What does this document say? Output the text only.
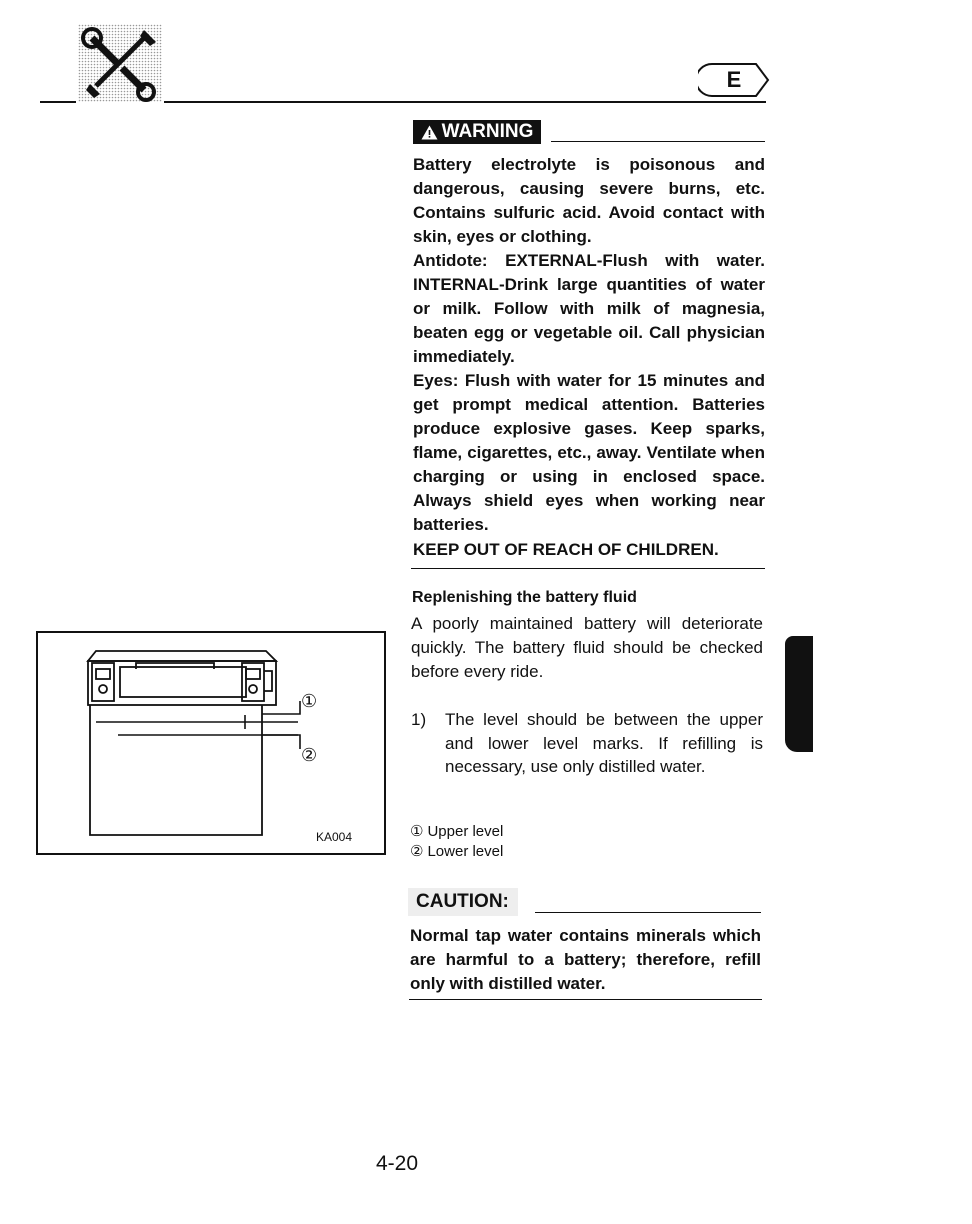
E
WARNING

Battery electrolyte is poisonous and dangerous, causing severe burns, etc. Contains sulfuric acid. Avoid contact with skin, eyes or clothing.

Antidote: EXTERNAL-Flush with water. INTERNAL-Drink large quantities of water or milk. Follow with milk of magnesia, beaten egg or vegetable oil. Call physician immediately.

Eyes: Flush with water for 15 minutes and get prompt medical attention. Batteries produce explosive gases. Keep sparks, flame, cigarettes, etc., away. Ventilate when charging or using in enclosed space. Always shield eyes when working near batteries.

KEEP OUT OF REACH OF CHILDREN.

Replenishing the battery fluid

A poorly maintained battery will deteriorate quickly. The battery fluid should be checked before every ride.

1) The level should be between the upper and lower level marks. If refilling is necessary, use only distilled water.

① Upper level
② Lower level
①
②
KA004
CAUTION:

Normal tap water contains minerals which are harmful to a battery; therefore, refill only with distilled water.

4-20
